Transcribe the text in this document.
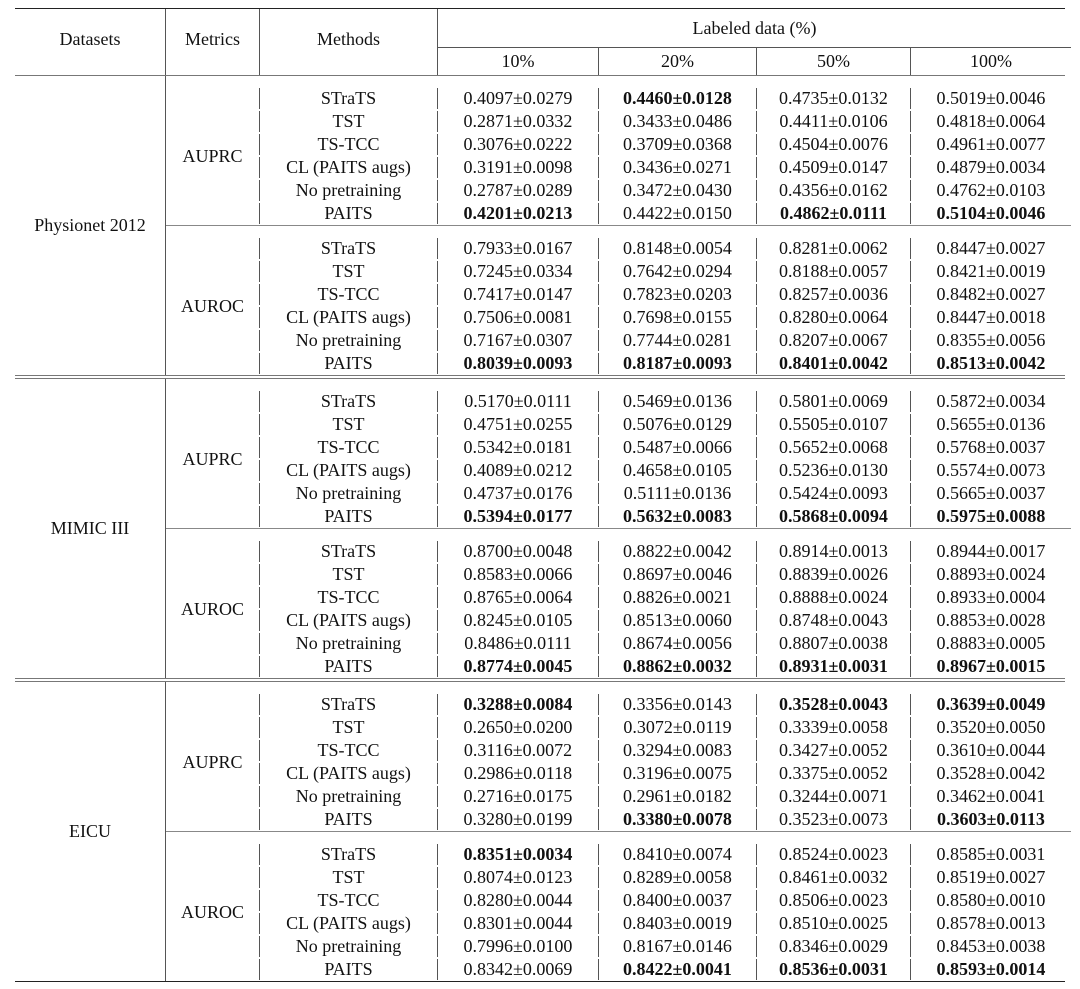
Datasets	Metrics	Methods
Labeled data (%)
10%	20%	50%	100%
Physionet 2012
AUPRC
STraTS	0.4097±0.0279	0.4460±0.0128	0.4735±0.0132	0.5019±0.0046
TST	0.2871±0.0332	0.3433±0.0486	0.4411±0.0106	0.4818±0.0064
TS-TCC	0.3076±0.0222	0.3709±0.0368	0.4504±0.0076	0.4961±0.0077
CL (PAITS augs)	0.3191±0.0098	0.3436±0.0271	0.4509±0.0147	0.4879±0.0034
No pretraining	0.2787±0.0289	0.3472±0.0430	0.4356±0.0162	0.4762±0.0103
PAITS	0.4201±0.0213	0.4422±0.0150	0.4862±0.0111	0.5104±0.0046
AUROC
STraTS	0.7933±0.0167	0.8148±0.0054	0.8281±0.0062	0.8447±0.0027
TST	0.7245±0.0334	0.7642±0.0294	0.8188±0.0057	0.8421±0.0019
TS-TCC	0.7417±0.0147	0.7823±0.0203	0.8257±0.0036	0.8482±0.0027
CL (PAITS augs)	0.7506±0.0081	0.7698±0.0155	0.8280±0.0064	0.8447±0.0018
No pretraining	0.7167±0.0307	0.7744±0.0281	0.8207±0.0067	0.8355±0.0056
PAITS	0.8039±0.0093	0.8187±0.0093	0.8401±0.0042	0.8513±0.0042
MIMIC III
AUPRC
STraTS	0.5170±0.0111	0.5469±0.0136	0.5801±0.0069	0.5872±0.0034
TST	0.4751±0.0255	0.5076±0.0129	0.5505±0.0107	0.5655±0.0136
TS-TCC	0.5342±0.0181	0.5487±0.0066	0.5652±0.0068	0.5768±0.0037
CL (PAITS augs)	0.4089±0.0212	0.4658±0.0105	0.5236±0.0130	0.5574±0.0073
No pretraining	0.4737±0.0176	0.5111±0.0136	0.5424±0.0093	0.5665±0.0037
PAITS	0.5394±0.0177	0.5632±0.0083	0.5868±0.0094	0.5975±0.0088
AUROC
STraTS	0.8700±0.0048	0.8822±0.0042	0.8914±0.0013	0.8944±0.0017
TST	0.8583±0.0066	0.8697±0.0046	0.8839±0.0026	0.8893±0.0024
TS-TCC	0.8765±0.0064	0.8826±0.0021	0.8888±0.0024	0.8933±0.0004
CL (PAITS augs)	0.8245±0.0105	0.8513±0.0060	0.8748±0.0043	0.8853±0.0028
No pretraining	0.8486±0.0111	0.8674±0.0056	0.8807±0.0038	0.8883±0.0005
PAITS	0.8774±0.0045	0.8862±0.0032	0.8931±0.0031	0.8967±0.0015
EICU
AUPRC
STraTS	0.3288±0.0084	0.3356±0.0143	0.3528±0.0043	0.3639±0.0049
TST	0.2650±0.0200	0.3072±0.0119	0.3339±0.0058	0.3520±0.0050
TS-TCC	0.3116±0.0072	0.3294±0.0083	0.3427±0.0052	0.3610±0.0044
CL (PAITS augs)	0.2986±0.0118	0.3196±0.0075	0.3375±0.0052	0.3528±0.0042
No pretraining	0.2716±0.0175	0.2961±0.0182	0.3244±0.0071	0.3462±0.0041
PAITS	0.3280±0.0199	0.3380±0.0078	0.3523±0.0073	0.3603±0.0113
AUROC
STraTS	0.8351±0.0034	0.8410±0.0074	0.8524±0.0023	0.8585±0.0031
TST	0.8074±0.0123	0.8289±0.0058	0.8461±0.0032	0.8519±0.0027
TS-TCC	0.8280±0.0044	0.8400±0.0037	0.8506±0.0023	0.8580±0.0010
CL (PAITS augs)	0.8301±0.0044	0.8403±0.0019	0.8510±0.0025	0.8578±0.0013
No pretraining	0.7996±0.0100	0.8167±0.0146	0.8346±0.0029	0.8453±0.0038
PAITS	0.8342±0.0069	0.8422±0.0041	0.8536±0.0031	0.8593±0.0014
